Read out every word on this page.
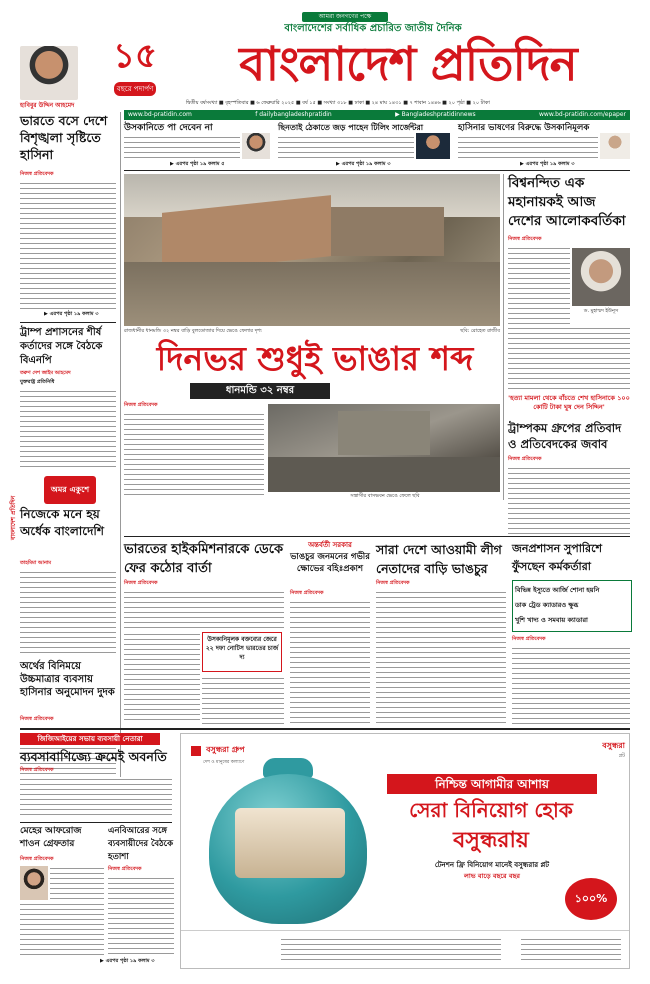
১৫
বছরে পদার্পণ
আমরা জনগণের পক্ষে
বাংলাদেশের সর্বাধিক প্রচারিত জাতীয় দৈনিক
বাংলাদেশ প্রতিদিন
হাবিবুর উদ্দিন আহমেদ	দ্বিতীয় বর্ষসংখ্যা ■ বৃহস্পতিবার ■ ৬ ফেব্রুয়ারি ২০২৫ ■ বর্ষ ১৫ ■ সংখ্যা ৩১৮ ■ ঢাকা ■ ২৪ মাঘ ১৪৩১ ■ ৭ শাবান ১৪৪৬ ■ ২০ পৃষ্ঠা ■ ২০ টাকা
www.bd-pratidin.com	f dailybangladeshpratidin	▶ Bangladeshpratidinnews	www.bd-pratidin.com/epaper
ভারতে বসে দেশে বিশৃঙ্খলা সৃষ্টিতে হাসিনা
নিজস্ব প্রতিবেদক
▶ এরপর পৃষ্ঠা ১৯ কলাম ৩
ট্রাম্প প্রশাসনের শীর্ষ কর্তাদের সঙ্গে বৈঠকে বিএনপি
তরুণ দেশ জাইম আহমেদ
যুক্তরাষ্ট্র প্রতিনিধি
বাংলাদেশ প্রতিদিন
অমর একুশে
নিজেকে মনে হয় অর্ধেক বাংলাদেশি
তাহমিমা আনাম
অর্থের বিনিময়ে উচ্চমাত্রার ব্যবসায় হাসিনার অনুমোদন দুদক
নিজস্ব প্রতিবেদক
উসকানিতে পা দেবেন না
▶ এরপর পৃষ্ঠা ১৯ কলাম ৫
ছিনতাই ঠেকাতে জড় পাহেন টিলিং সার্জেন্টরা
▶ এরপর পৃষ্ঠা ১৯ কলাম ৩
হাসিনার ভাষণের বিরুদ্ধে উসকানিমূলক
▶ এরপর পৃষ্ঠা ১৯ কলাম ৩
রাজধানীর ধানমন্ডি ৩২ নম্বর বাড়ি বুলডোজার দিয়ে ভেঙে ফেলার দৃশ্য	ছবি: রোহেত রাজীব
দিনভর শুধুই ভাঙার শব্দ
ধানমন্ডি ৩২ নম্বর
নিজস্ব প্রতিবেদক
সন্ত্রাসীর বাসভবন ভেঙে ফেলে ছবি
বিশ্বনন্দিত এক মহানায়কই আজ দেশের আলোকবর্তিকা
নিজস্ব প্রতিবেদক
ড. মুহাম্মদ ইউনূস
'হত্যা মামলা থেকে বাঁচতে শেখ হাসিনাকে ১০০ কোটি টাকা ঘুষ দেন সিদ্দিন'
ট্রাম্পকম গ্রুপের প্রতিবাদ ও প্রতিবেদকের জবাব
নিজস্ব প্রতিবেদক
ভারতের হাইকমিশনারকে ডেকে ফের কঠোর বার্তা
নিজস্ব প্রতিবেদক
উসকানিমূলক বক্তব্যের জেরে ২২ দফা নোটিস ভারতের চার্জ দ্য
অন্তর্বর্তী সরকার
ভাঙচুর জনমনের গভীর ক্ষোভের বহিঃপ্রকাশ
নিজস্ব প্রতিবেদক
সারা দেশে আওয়ামী লীগ নেতাদের বাড়ি ভাঙচুর
নিজস্ব প্রতিবেদক
জনপ্রশাসন সুপারিশে ফুঁসছেন কর্মকর্তারা
বিভিন্ন ইস্যুতে আর্জি শোনা হয়নি
ডাক ট্রেড ক্যাডারও ক্ষুব্ধ
খুশি খাদ্য ও সমবায় ক্যাডারা
নিজস্ব প্রতিবেদক
জিজিআইয়ের সভায় ব্যবসায়ী নেতারা
ব্যবসাবাণিজ্যে ক্রমেই অবনতি
নিজস্ব প্রতিবেদক
মেহের আফরোজ শাওন গ্রেফতার
নিজস্ব প্রতিবেদক
এনবিআরের সঙ্গে ব্যবসায়ীদের বৈঠকে হতাশা
নিজস্ব প্রতিবেদক
▶ এরপর পৃষ্ঠা ১৯ কলাম ৩
বসুন্ধরা গ্রুপ
দেশ ও মানুষের কল্যাণে
বসুন্ধরা
প্লট
নিশ্চিন্ত আগামীর আশায়
সেরা বিনিয়োগ হোক
বসুন্ধরায়
টেনশন ফ্রি বিনিয়োগ মানেই বসুন্ধরার প্লট
লাভ বাড়ে বছরে বছর
১০০%
